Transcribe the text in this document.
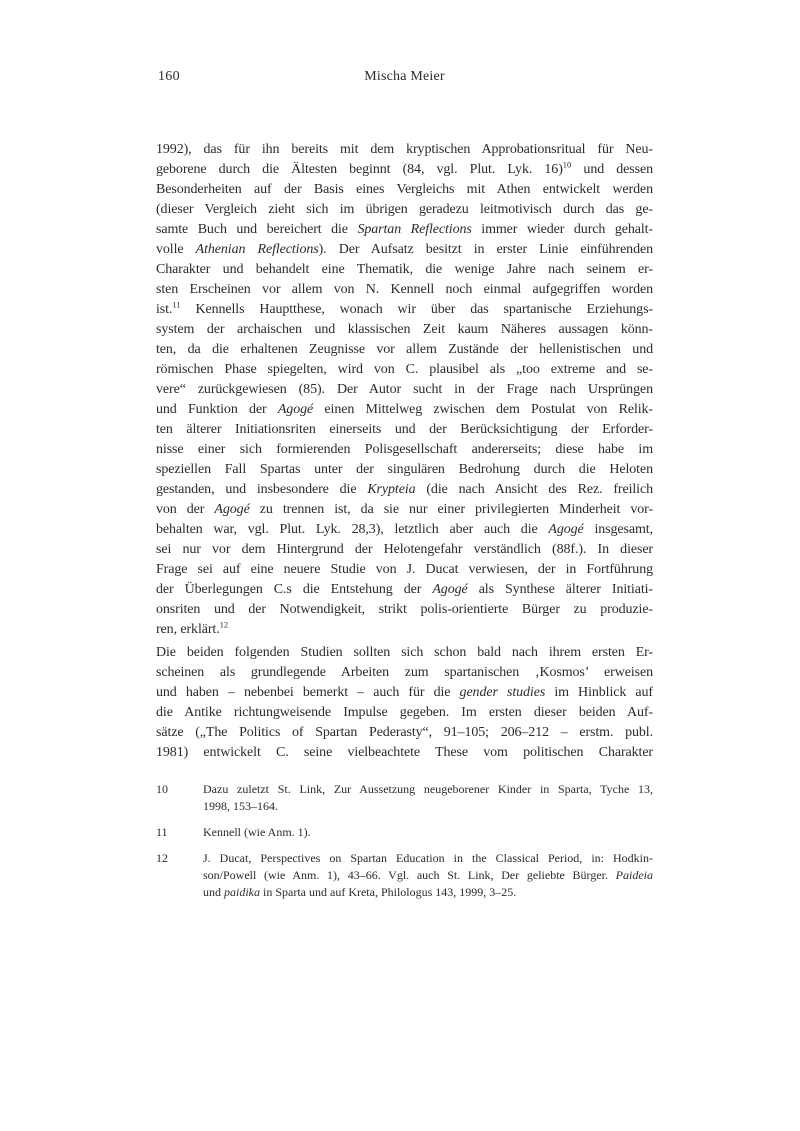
160	Mischa Meier
1992), das für ihn bereits mit dem kryptischen Approbationsritual für Neu-
geborene durch die Ältesten beginnt (84, vgl. Plut. Lyk. 16)$^{10}$ und dessen
Besonderheiten auf der Basis eines Vergleichs mit Athen entwickelt werden
(dieser Vergleich zieht sich im übrigen geradezu leitmotivisch durch das ge-
samte Buch und bereichert die Spartan Reflections immer wieder durch gehalt-
volle Athenian Reflections). Der Aufsatz besitzt in erster Linie einführenden
Charakter und behandelt eine Thematik, die wenige Jahre nach seinem er-
sten Erscheinen vor allem von N. Kennell noch einmal aufgegriffen worden
ist.$^{11}$ Kennells Hauptthese, wonach wir über das spartanische Erziehungs-
system der archaischen und klassischen Zeit kaum Näheres aussagen könn-
ten, da die erhaltenen Zeugnisse vor allem Zustände der hellenistischen und
römischen Phase spiegelten, wird von C. plausibel als „too extreme and se-
vere“ zurückgewiesen (85). Der Autor sucht in der Frage nach Ursprüngen
und Funktion der Agogé einen Mittelweg zwischen dem Postulat von Relik-
ten älterer Initiationsriten einerseits und der Berücksichtigung der Erforder-
nisse einer sich formierenden Polisgesellschaft andererseits; diese habe im
speziellen Fall Spartas unter der singulären Bedrohung durch die Heloten
gestanden, und insbesondere die Krypteia (die nach Ansicht des Rez. freilich
von der Agogé zu trennen ist, da sie nur einer privilegierten Minderheit vor-
behalten war, vgl. Plut. Lyk. 28,3), letztlich aber auch die Agogé insgesamt,
sei nur vor dem Hintergrund der Helotengefahr verständlich (88f.). In dieser
Frage sei auf eine neuere Studie von J. Ducat verwiesen, der in Fortführung
der Überlegungen C.s die Entstehung der Agogé als Synthese älterer Initiati-
onsriten und der Notwendigkeit, strikt polis-orientierte Bürger zu produzie-
ren, erklärt.$^{12}$
Die beiden folgenden Studien sollten sich schon bald nach ihrem ersten Er-
scheinen als grundlegende Arbeiten zum spartanischen ‚Kosmos’ erweisen
und haben – nebenbei bemerkt – auch für die gender studies im Hinblick auf
die Antike richtungweisende Impulse gegeben. Im ersten dieser beiden Auf-
sätze („The Politics of Spartan Pederasty“, 91–105; 206–212 – erstm. publ.
1981) entwickelt C. seine vielbeachtete These vom politischen Charakter
10	Dazu zuletzt St. Link, Zur Aussetzung neugeborener Kinder in Sparta, Tyche 13,
1998, 153–164.
11	Kennell (wie Anm. 1).
12	J. Ducat, Perspectives on Spartan Education in the Classical Period, in: Hodkin-
son/Powell (wie Anm. 1), 43–66. Vgl. auch St. Link, Der geliebte Bürger. Paideia
und paidika in Sparta und auf Kreta, Philologus 143, 1999, 3–25.
